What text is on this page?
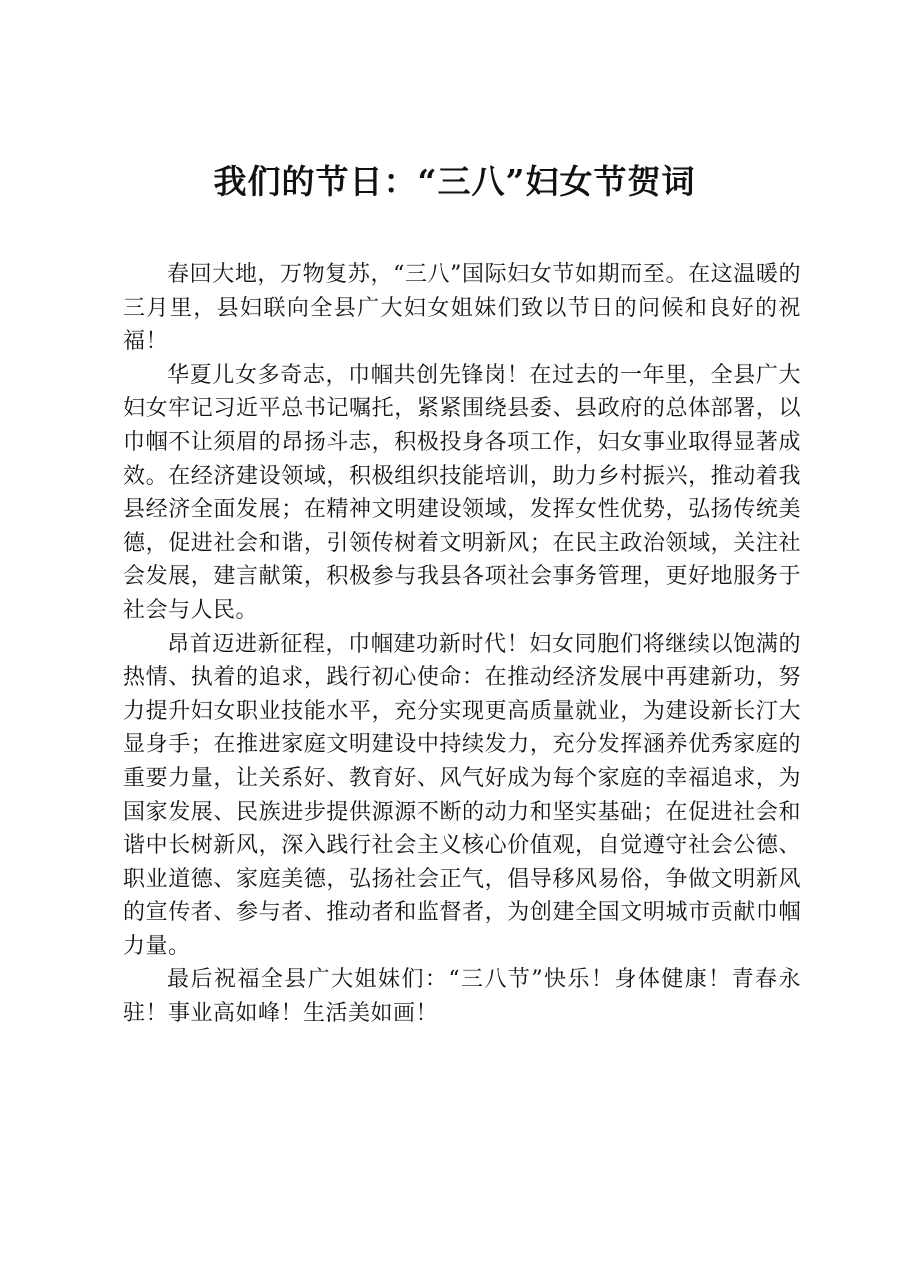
我们的节日：“三八”妇女节贺词

春回大地，万物复苏，“三八”国际妇女节如期而至。在这温暖的三月里，县妇联向全县广大妇女姐妹们致以节日的问候和良好的祝福！

华夏儿女多奇志，巾帼共创先锋岗！在过去的一年里，全县广大妇女牢记习近平总书记嘱托，紧紧围绕县委、县政府的总体部署，以巾帼不让须眉的昂扬斗志，积极投身各项工作，妇女事业取得显著成效。在经济建设领域，积极组织技能培训，助力乡村振兴，推动着我县经济全面发展；在精神文明建设领域，发挥女性优势，弘扬传统美德，促进社会和谐，引领传树着文明新风；在民主政治领域，关注社会发展，建言献策，积极参与我县各项社会事务管理，更好地服务于社会与人民。

昂首迈进新征程，巾帼建功新时代！妇女同胞们将继续以饱满的热情、执着的追求，践行初心使命：在推动经济发展中再建新功，努力提升妇女职业技能水平，充分实现更高质量就业，为建设新长汀大显身手；在推进家庭文明建设中持续发力，充分发挥涵养优秀家庭的重要力量，让关系好、教育好、风气好成为每个家庭的幸福追求，为国家发展、民族进步提供源源不断的动力和坚实基础；在促进社会和谐中长树新风，深入践行社会主义核心价值观，自觉遵守社会公德、职业道德、家庭美德，弘扬社会正气，倡导移风易俗，争做文明新风的宣传者、参与者、推动者和监督者，为创建全国文明城市贡献巾帼力量。

最后祝福全县广大姐妹们：“三八节”快乐！身体健康！青春永驻！事业高如峰！生活美如画！
